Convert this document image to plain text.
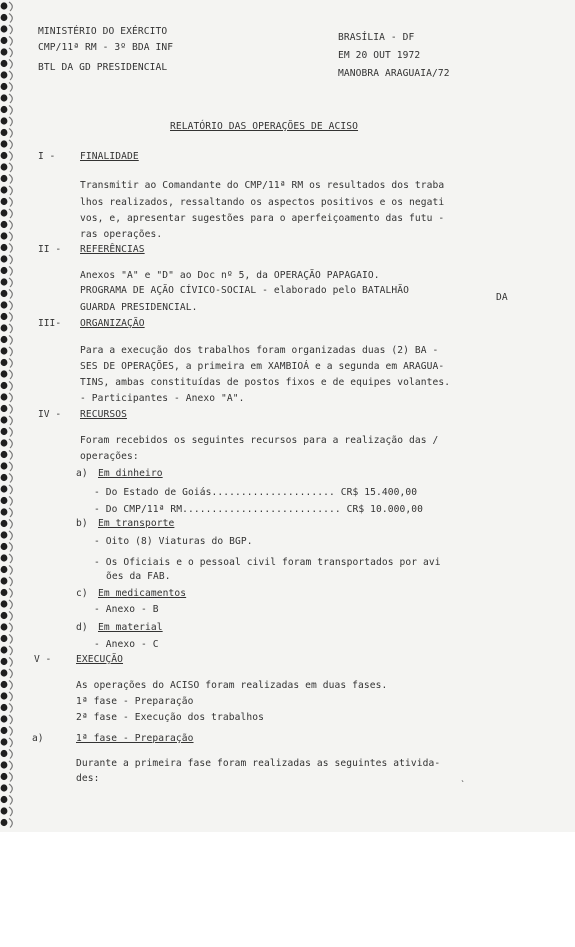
MINISTÉRIO DO EXÉRCITO
CMP/11ª RM - 3º BDA INF
BTL DA GD PRESIDENCIAL
BRASÍLIA - DF
EM 20 OUT 1972
MANOBRA ARAGUAIA/72
RELATÓRIO DAS OPERAÇÕES DE ACISO
I -	FINALIDADE
Transmitir ao Comandante do CMP/11ª RM os resultados dos traba
lhos realizados, ressaltando os aspectos positivos e os negati
vos, e, apresentar sugestões para o aperfeiçoamento das futu -
ras operações.
II - REFERÊNCIAS
Anexos "A" e "D" ao Doc nº 5, da OPERAÇÃO PAPAGAIO.
PROGRAMA DE AÇÃO CÍVICO-SOCIAL - elaborado pelo BATALHÃO
DA
GUARDA PRESIDENCIAL.
III- ORGANIZAÇÃO
Para a execução dos trabalhos foram organizadas duas (2) BA -
SES DE OPERAÇÕES, a primeira em XAMBIOÁ e a segunda em ARAGUA-
TINS, ambas constituídas de postos fixos e de equipes volantes.
- Participantes - Anexo "A".
IV - RECURSOS
Foram recebidos os seguintes recursos para a realização das /
operações:
a) Em dinheiro
- Do Estado de Goiás..................... CR$ 15.400,00
- Do CMP/11ª RM........................... CR$ 10.000,00
b) Em transporte
- Oito (8) Viaturas do BGP.
- Os Oficiais e o pessoal civil foram transportados por avi
ões da FAB.
c) Em medicamentos
- Anexo - B
d) Em material
- Anexo - C
V -	EXECUÇÃO
As operações do ACISO foram realizadas em duas fases.
1ª fase - Preparação
2ª fase - Execução dos trabalhos
a)	1ª fase - Preparação
Durante a primeira fase foram realizadas as seguintes ativida-
des:
ˋ
